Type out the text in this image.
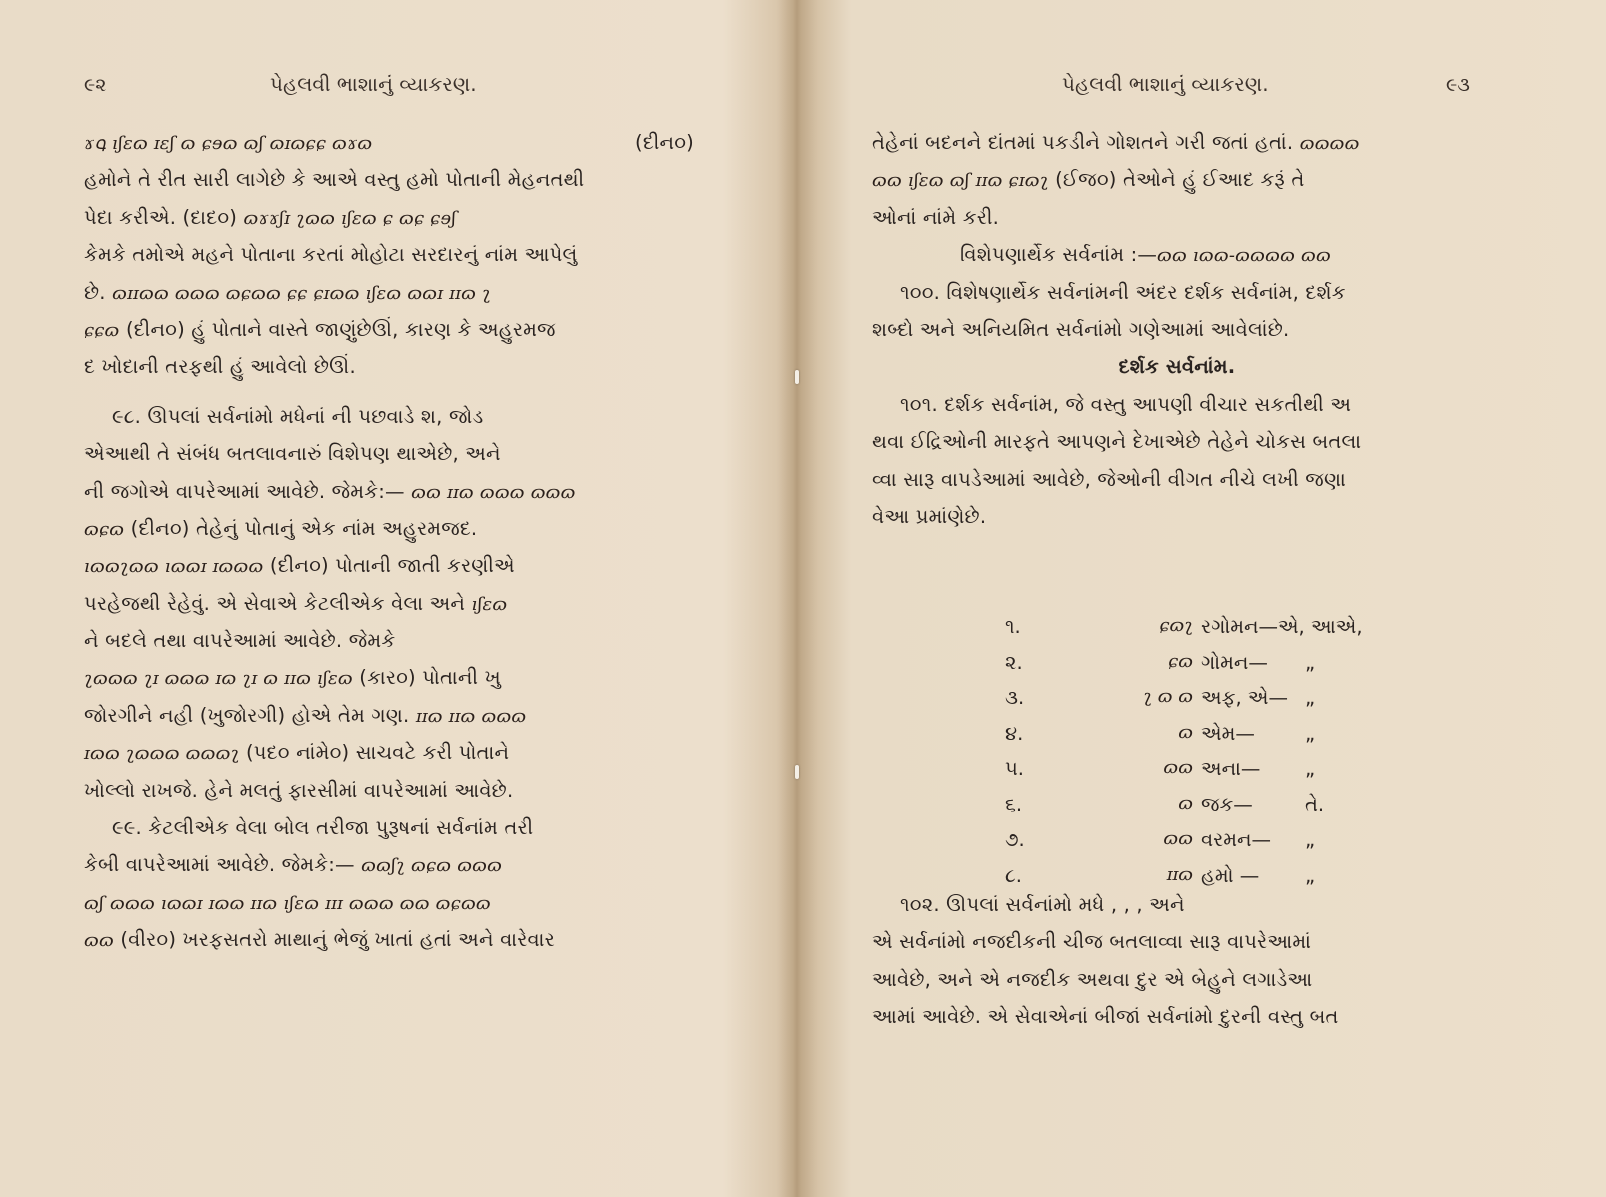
૯૨	પેહલવી ભાશાનું વ્યાકરણ.
ɤ𐭯 ıʃɛɷ ɪɛʃ ɷ ɕɘɷ ɷʃ ɷɪɷɕɕ ɷɤɷ	(દીન૦)
હમોને તે રીત સારી લાગેછે કે આએ વસ્તુ હમો પોતાની મેહનતથી
પેદા કરીએ. (દાદ૦) ɷɤɤʃɪ ʅɷɷ ıʃɛɷ ɕ ɷɕ ɕɘʃ
કેમકે તમોએ મહને પોતાના કરતાં મોહોટા સરદારનું નાંમ આપેલું
છે. ɷɪɪɷɷ ɷɷɷ ɷɕɷɷ ɕɕ ɕɪɷɷ ıʃɛɷ ɷɷɪ ɪɪɷ ʅ
ɕɕɷ (દીન૦) હું પોતાને વાસ્તે જાણુંછેઊં, કારણ કે અહુરમજ
દ ખોદાની તરફથી હું આવેલો છેઊં.
૯૮. ઊપલાં સર્વનાંમો મધેનાં ની પછવાડે શ, જોડ
એઆથી તે સંબંધ બતલાવનારું વિશેપણ થાએછે, અને
ની જગોએ વાપરેઆમાં આવેછે. જેમકે:— ɷɷ ɪɪɷ ɷɷɷ ɷɷɷ
ɷɕɷ (દીન૦) તેહેનું પોતાનું એક નાંમ અહુરમજદ.
ıɷɷʅɷɷ ıɷɷɪ ɪɷɷɷ (દીન૦) પોતાની જાતી કરણીએ
પરહેજથી રેહેવું. એ સેવાએ કેટલીએક વેલા અને ıʃɛɷ
ને બદલે તથા વાપરેઆમાં આવેછે. જેમકે
ʅɷɷɷ ʅɪ ɷɷɷ ɪɷ ʅɪ ɷ ɪɪɷ ıʃɛɷ (કાર૦) પોતાની ખુ
જોરગીને નહી (ખુજોરગી) હોએ તેમ ગણ. ɪɪɷ ɪɪɷ ɷɷɷ
ɪɷɷ ʅɷɷɷ ɷɷɷʅ (પદ૦ નાંમે૦) સાચવટે કરી પોતાને
ખોલ્લો રાખજે. હેને મલતું ફારસીમાં વાપરેઆમાં આવેછે.
૯૯. કેટલીએક વેલા બોલ તરીજા પુરૂષનાં સર્વનાંમ તરી
કેબી વાપરેઆમાં આવેછે. જેમકે:— ɷɷʃʅ ɷɕɷ ɷɷɷ
ɷʃ ɷɷɷ ıɷɷɪ ɪɷɷ ɪɪɷ ıʃɛɷ ɪɪɪ ɷɷɷ ɷɷ ɷɕɷɷ
ɷɷ (વીર૦) ખરફસતરો માથાનું ભેજું ખાતાં હતાં અને વારેવાર
પેહલવી ભાશાનું વ્યાકરણ.	૯૩
તેહેનાં બદનને દાંતમાં પકડીને ગોશતને ગરી જતાં હતાં. ɷɷɷɷ
ɷɷ ıʃɛɷ ɷʃ ɪɪɷ ɕɪɷʅ (ઈજ૦) તેઓને હું ઈઆદ કરૂં તે
ઓનાં નાંમે કરી.
વિશેપણાર્થેક સર્વનાંમ :—ɷɷ ıɷɷ-ɷɷɷɷ ɷɷ
૧૦૦. વિશેષણાર્થેક સર્વનાંમની અંદર દર્શક સર્વનાંમ, દર્શક
શબ્દો અને અનિયમિત સર્વનાંમો ગણેઆમાં આવેલાંછે.
દર્શક સર્વનાંમ.
૧૦૧. દર્શક સર્વનાંમ, જે વસ્તુ આપણી વીચાર સકતીથી અ
થવા ઈદ્રિઓની મારફતે આપણને દેખાએછે તેહેને ચોકસ બતલા
વ્વા સારૂ વાપડેઆમાં આવેછે, જેઓની વીગત નીચે લખી જણા
વેઆ પ્રમાંણેછે.
૧.	ɕɷʅ રગોમન—એ, આએ,
૨.	ɕɷ ગોમન— „
૩.	ʅ ɷ ɷ અફ, એ— „
૪.	ɷ એમ—	„
૫.	ɷɷ અના— „
૬.	ɷ જક—	તે.
૭.	ɷɷ વરમન— „
૮.	ɪɪɷ હમો — „
૧૦૨. ઊપલાં સર્વનાંમો મધે , , , અને
એ સર્વનાંમો નજદીકની ચીજ બતલાવ્વા સારૂ વાપરેઆમાં
આવેછે, અને એ નજદીક અથવા દુર એ બેહુને લગાડેઆ
આમાં આવેછે. એ સેવાએનાં બીજાં સર્વનાંમો દુરની વસ્તુ બત
